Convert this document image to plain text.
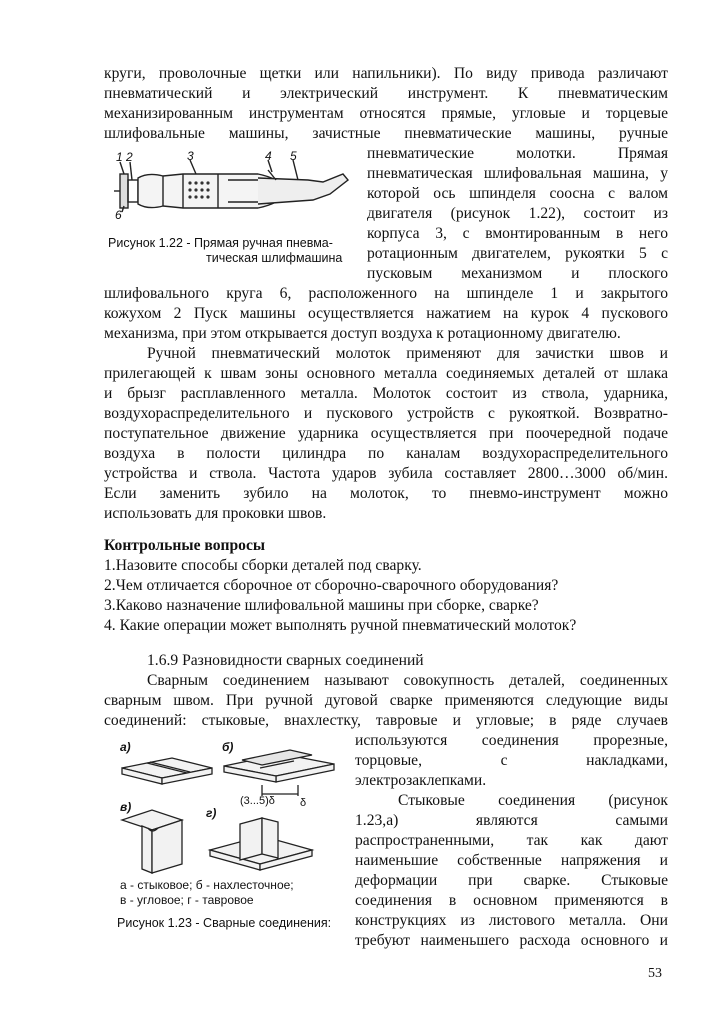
круги, проволочные щетки или напильники). По виду привода различают
пневматический и электрический инструмент. К пневматическим
механизированным инструментам относятся прямые, угловые и торцевые
шлифовальные машины, зачистные пневматические машины, ручные
пневматические молотки. Прямая
пневматическая шлифовальная машина, у
которой ось шпинделя соосна с валом
двигателя (рисунок 1.22), состоит из
корпуса 3, с вмонтированным в него
ротационным двигателем, рукоятки 5 с
пусковым механизмом и плоского
1 2	3	4 5
6
Рисунок 1.22 - Прямая ручная пневма-
тическая шлифмашина
шлифовального круга 6, расположенного на шпинделе 1 и закрытого
кожухом 2 Пуск машины осуществляется нажатием на курок 4 пускового
механизма, при этом открывается доступ воздуха к ротационному двигателю.
Ручной пневматический молоток применяют для зачистки швов и
прилегающей к швам зоны основного металла соединяемых деталей от шлака
и брызг расплавленного металла. Молоток состоит из ствола, ударника,
воздухораспределительного и пускового устройств с рукояткой. Возвратно-
поступательное движение ударника осуществляется при поочередной подаче
воздуха в полости цилиндра по каналам воздухораспределительного
устройства и ствола. Частота ударов зубила составляет 2800…3000 об/мин.
Если заменить зубило на молоток, то пневмо-инструмент можно
использовать для проковки швов.
Контрольные вопросы
1.Назовите способы сборки деталей под сварку.
2.Чем отличается сборочное от сборочно-сварочного оборудования?
3.Каково назначение шлифовальной машины при сборке, сварке?
4. Какие операции может выполнять ручной пневматический молоток?
1.6.9 Разновидности сварных соединений
Сварным соединением называют совокупность деталей, соединенных
сварным швом. При ручной дуговой сварке применяются следующие виды
соединений: стыковые, внахлестку, тавровые и угловые; в ряде случаев
используются соединения прорезные,
торцовые, с накладками,
электрозаклепками.
Стыковые соединения (рисунок
1.23,а) являются самыми
распространенными, так как дают
наименьшие собственные напряжения и
деформации при сварке. Стыковые
соединения в основном применяются в
конструкциях из листового металла. Они
требуют наименьшего расхода основного и
а)	б)
в)	г)
(3...5)δ δ
а - стыковое; б - нахлесточное;
в - угловое; г - тавровое
Рисунок 1.23 - Сварные соединения:
53
